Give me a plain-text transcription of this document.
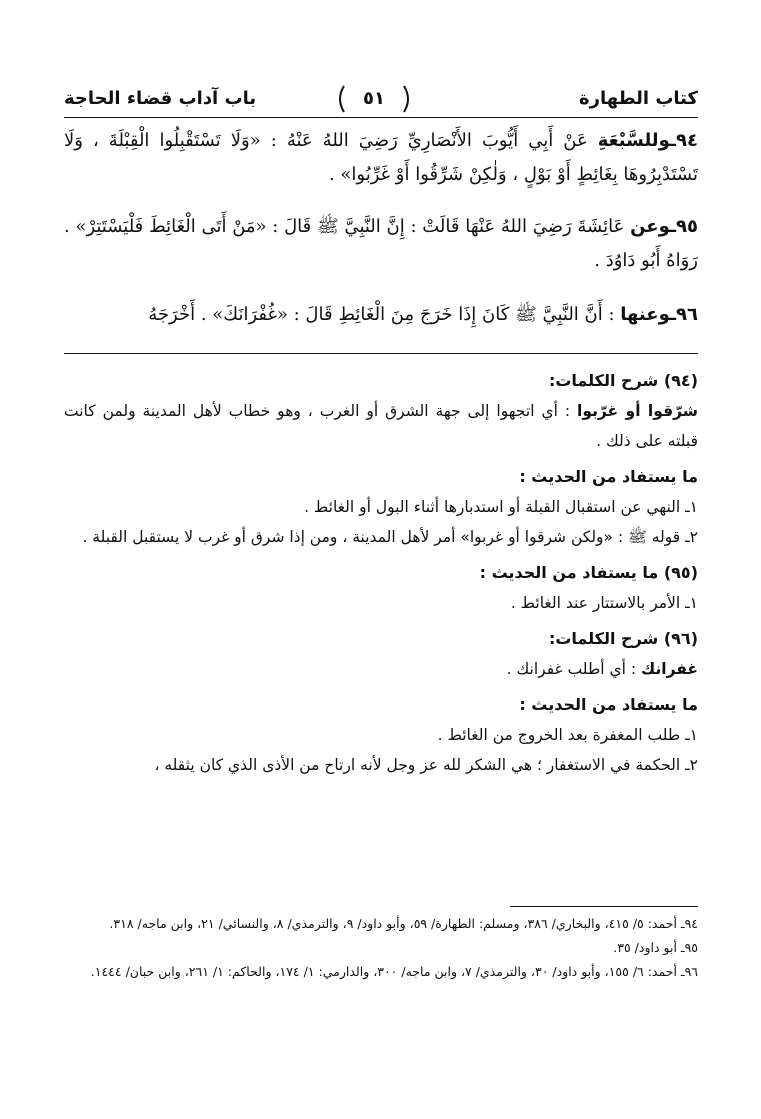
كتاب الطهارة
٥١
باب آداب قضاء الحاجة
٩٤ـوللسَّبْعَةِ عَنْ أَبِي أَيُّوبَ الأَنْصَارِيِّ رَضِيَ اللهُ عَنْهُ : «وَلَا تَسْتَقْبِلُوا الْقِبْلَةَ ، وَلَا تَسْتَدْبِرُوهَا بِغَائِطٍ أَوْ بَوْلٍ ، وَلٰكِنْ شَرِّقُوا أَوْ غَرِّبُوا» .
٩٥ـوعن عَائِشَةَ رَضِيَ اللهُ عَنْهَا قَالَتْ : إِنَّ النَّبِيَّ ﷺ قَالَ : «مَنْ أَتَى الْغَائِطَ فَلْيَسْتَتِرْ» . رَوَاهُ أَبُو دَاوُدَ .
٩٦ـوعنها : أَنَّ النَّبِيَّ ﷺ كَانَ إِذَا خَرَجَ مِنَ الْغَائِطِ قَالَ : «غُفْرَانَكَ» . أَخْرَجَهُ
(٩٤) شرح الكلمات:
شرّقوا أو غرّبوا : أي اتجهوا إلى جهة الشرق أو الغرب ، وهو خطاب لأهل المدينة ولمن كانت قبلته على ذلك .
ما يستفاد من الحديث :
١ـ النهي عن استقبال القبلة أو استدبارها أثناء البول أو الغائط .
٢ـ قوله ﷺ : «ولكن شرقوا أو غربوا» أمر لأهل المدينة ، ومن إذا شرق أو غرب لا يستقبل القبلة .
(٩٥) ما يستفاد من الحديث :
١ـ الأمر بالاستتار عند الغائط .
(٩٦) شرح الكلمات:
غفرانك : أي أطلب غفرانك .
ما يستفاد من الحديث :
١ـ طلب المغفرة بعد الخروج من الغائط .
٢ـ الحكمة في الاستغفار ؛ هي الشكر لله عز وجل لأنه ارتاح من الأذى الذي كان يثقله ،
٩٤ـ أحمد: ٥/ ٤١٥، والبخاري/ ٣٨٦، ومسلم: الطهارة/ ٥٩، وأبو داود/ ٩، والترمذي/ ٨، والنسائي/ ٢١، وابن ماجه/ ٣١٨.
٩٥ـ أبو داود/ ٣٥.
٩٦ـ أحمد: ٦/ ١٥٥، وأبو داود/ ٣٠، والترمذي/ ٧، وابن ماجه/ ٣٠٠، والدارمي: ١/ ١٧٤، والحاكم: ١/ ٢٦١، وابن حبان/ ١٤٤٤.
